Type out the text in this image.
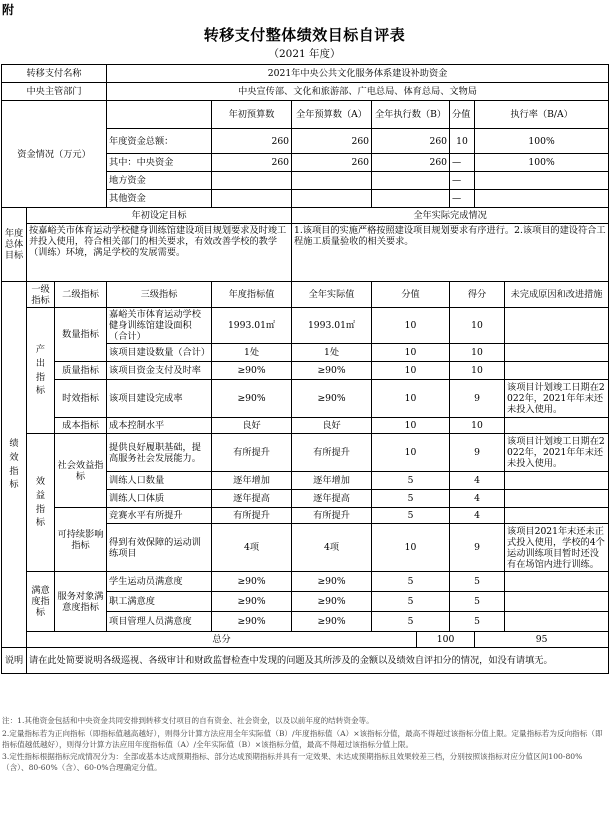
附
转移支付整体绩效目标自评表
（2021 年度）
转移支付名称			2021年中央公共文化服务体系建设补助资金								
中央主管部门			中央宣传部、文化和旅游部、广电总局、体育总局、文物局								
资金情况（万元）				年初预算数	全年预算数（A）	全年执行数（B）		分值	执行率（B/A）	
			年度资金总额：	260	260	260		10	100%	
			其中：中央资金	260	260	260		—	100%	
			地方资金					—		
			其他资金					—		
年度总体目标	年初设定目标				全年实际完成情况						
	按嘉峪关市体育运动学校健身训练馆建设项目规划要求及时竣工并投入使用，符合相关部门的相关要求，有效改善学校的教学（训练）环境，满足学校的发展需要。				1.该项目的实施严格按照建设项目规划要求有序进行。2.该项目的建设符合工程施工质量验收的相关要求。						
绩效指标	一级指标	二级指标	三级指标	年度指标值	全年实际值	分值		得分		未完成原因和改进措施	
	产出指标	数量指标	嘉峪关市体育运动学校健身训练馆建设面积（合计）	1993.01㎡	1993.01㎡	10		10			
			该项目建设数量（合计）	1处	1处	10		10			
		质量指标	该项目资金支付及时率	≥90%	≥90%	10		10			
		时效指标	该项目建设完成率	≥90%	≥90%	10		9		该项目计划竣工日期在2022年，2021年年末还未投入使用。	
		成本指标	成本控制水平	良好	良好	10		10			
	效益指标	社会效益指标	提供良好履职基础，提高服务社会发展能力。	有所提升	有所提升	10		9		该项目计划竣工日期在2022年，2021年年末还未投入使用。	
			训练人口数量	逐年增加	逐年增加	5		4			
			训练人口体质	逐年提高	逐年提高	5		4			
		可持续影响指标	竞赛水平有所提升	有所提升	有所提升	5		4			
			得到有效保障的运动训练项目	4项	4项	10		9		该项目2021年末还未正式投入使用，学校的4个运动训练项目暂时还没有在场馆内进行训练。	
	满意度指标	服务对象满意度指标	学生运动员满意度	≥90%	≥90%	5		5			
			职工满意度	≥90%	≥90%	5		5			
			项目管理人员满意度	≥90%	≥90%	5		5			
	总分						100		95		
说明	请在此处简要说明各级巡视、各级审计和财政监督检查中发现的问题及其所涉及的金额以及绩效自评扣分的情况，如没有请填无。										

注：1.其他资金包括和中央资金共同安排到转移支付项目的自有资金、社会资金，以及以前年度的结转资金等。

2.定量指标若为正向指标（即指标值越高越好），则得分计算方法应用全年实际值（B）/年度指标值（A）×该指标分值，最高不得超过该指标分值上限。定量指标若为反向指标（即指标值越低越好），则得分计算方法应用年度指标值（A）/全年实际值（B）×该指标分值，最高不得超过该指标分值上限。

3.定性指标根据指标完成情况分为：全部或基本达成预期指标、部分达成预期指标并具有一定效果、未达成预期指标且效果较差三档，分别按照该指标对应分值区间100-80%（含）、80-60%（含）、60-0%合理确定分值。
